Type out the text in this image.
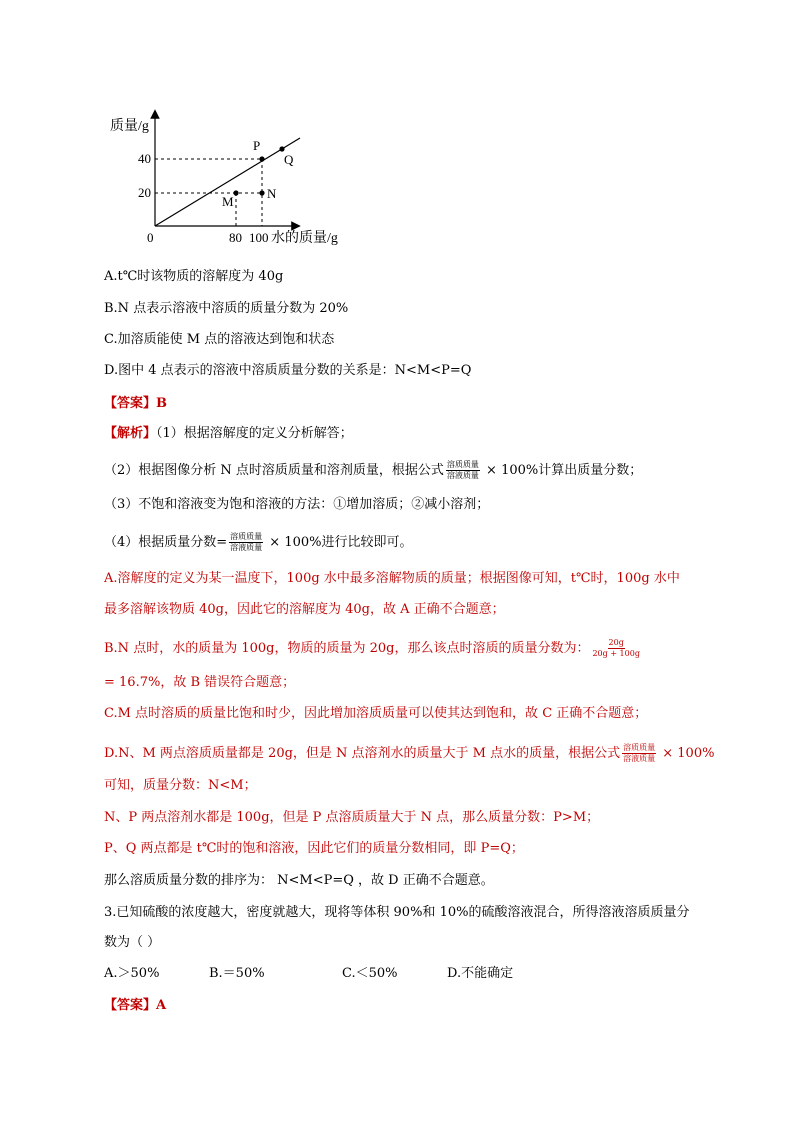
质量/g
水的质量/g
0
40
20
80 100
P
Q
M
N
A.t℃时该物质的溶解度为 40g
B.N 点表示溶液中溶质的质量分数为 20%
C.加溶质能使 M 点的溶液达到饱和状态
D.图中 4 点表示的溶液中溶质质量分数的关系是：N<M<P=Q
【答案】B
【解析】（1）根据溶解度的定义分析解答；
（2）根据图像分析 N 点时溶质质量和溶剂质量，根据公式 $\frac{\text{溶质质量}}{\text{溶液质量}} \times 100\%$计算出质量分数；
（3）不饱和溶液变为饱和溶液的方法：①增加溶质；②减小溶剂；
（4）根据质量分数= $\frac{\text{溶质质量}}{\text{溶液质量}} \times 100\%$进行比较即可。
A.溶解度的定义为某一温度下，100g 水中最多溶解物质的质量；根据图像可知，t℃时，100g 水中
最多溶解该物质 40g，因此它的溶解度为 40g，故 A 正确不合题意；
B.N 点时，水的质量为 100g，物质的质量为 20g，那么该点时溶质的质量分数为： $\frac{20g}{20g + 100g}$
= 16.7%，故 B 错误符合题意；
C.M 点时溶质的质量比饱和时少，因此增加溶质质量可以使其达到饱和，故 C 正确不合题意；
D.N、M 两点溶质质量都是 20g，但是 N 点溶剂水的质量大于 M 点水的质量，根据公式 $\frac{\text{溶质质量}}{\text{溶液质量}} \times 100\%$
可知，质量分数：N<M；
N、P 两点溶剂水都是 100g，但是 P 点溶质质量大于 N 点，那么质量分数：P>M；
P、Q 两点都是 t℃时的饱和溶液，因此它们的质量分数相同，即 P=Q；
那么溶质质量分数的排序为： N<M<P=Q ，故 D 正确不合题意。
3.已知硫酸的浓度越大，密度就越大，现将等体积 90%和 10%的硫酸溶液混合，所得溶液溶质质量分
数为（ ）
A.＞50%	B.＝50%	C.＜50%	D.不能确定
【答案】A
